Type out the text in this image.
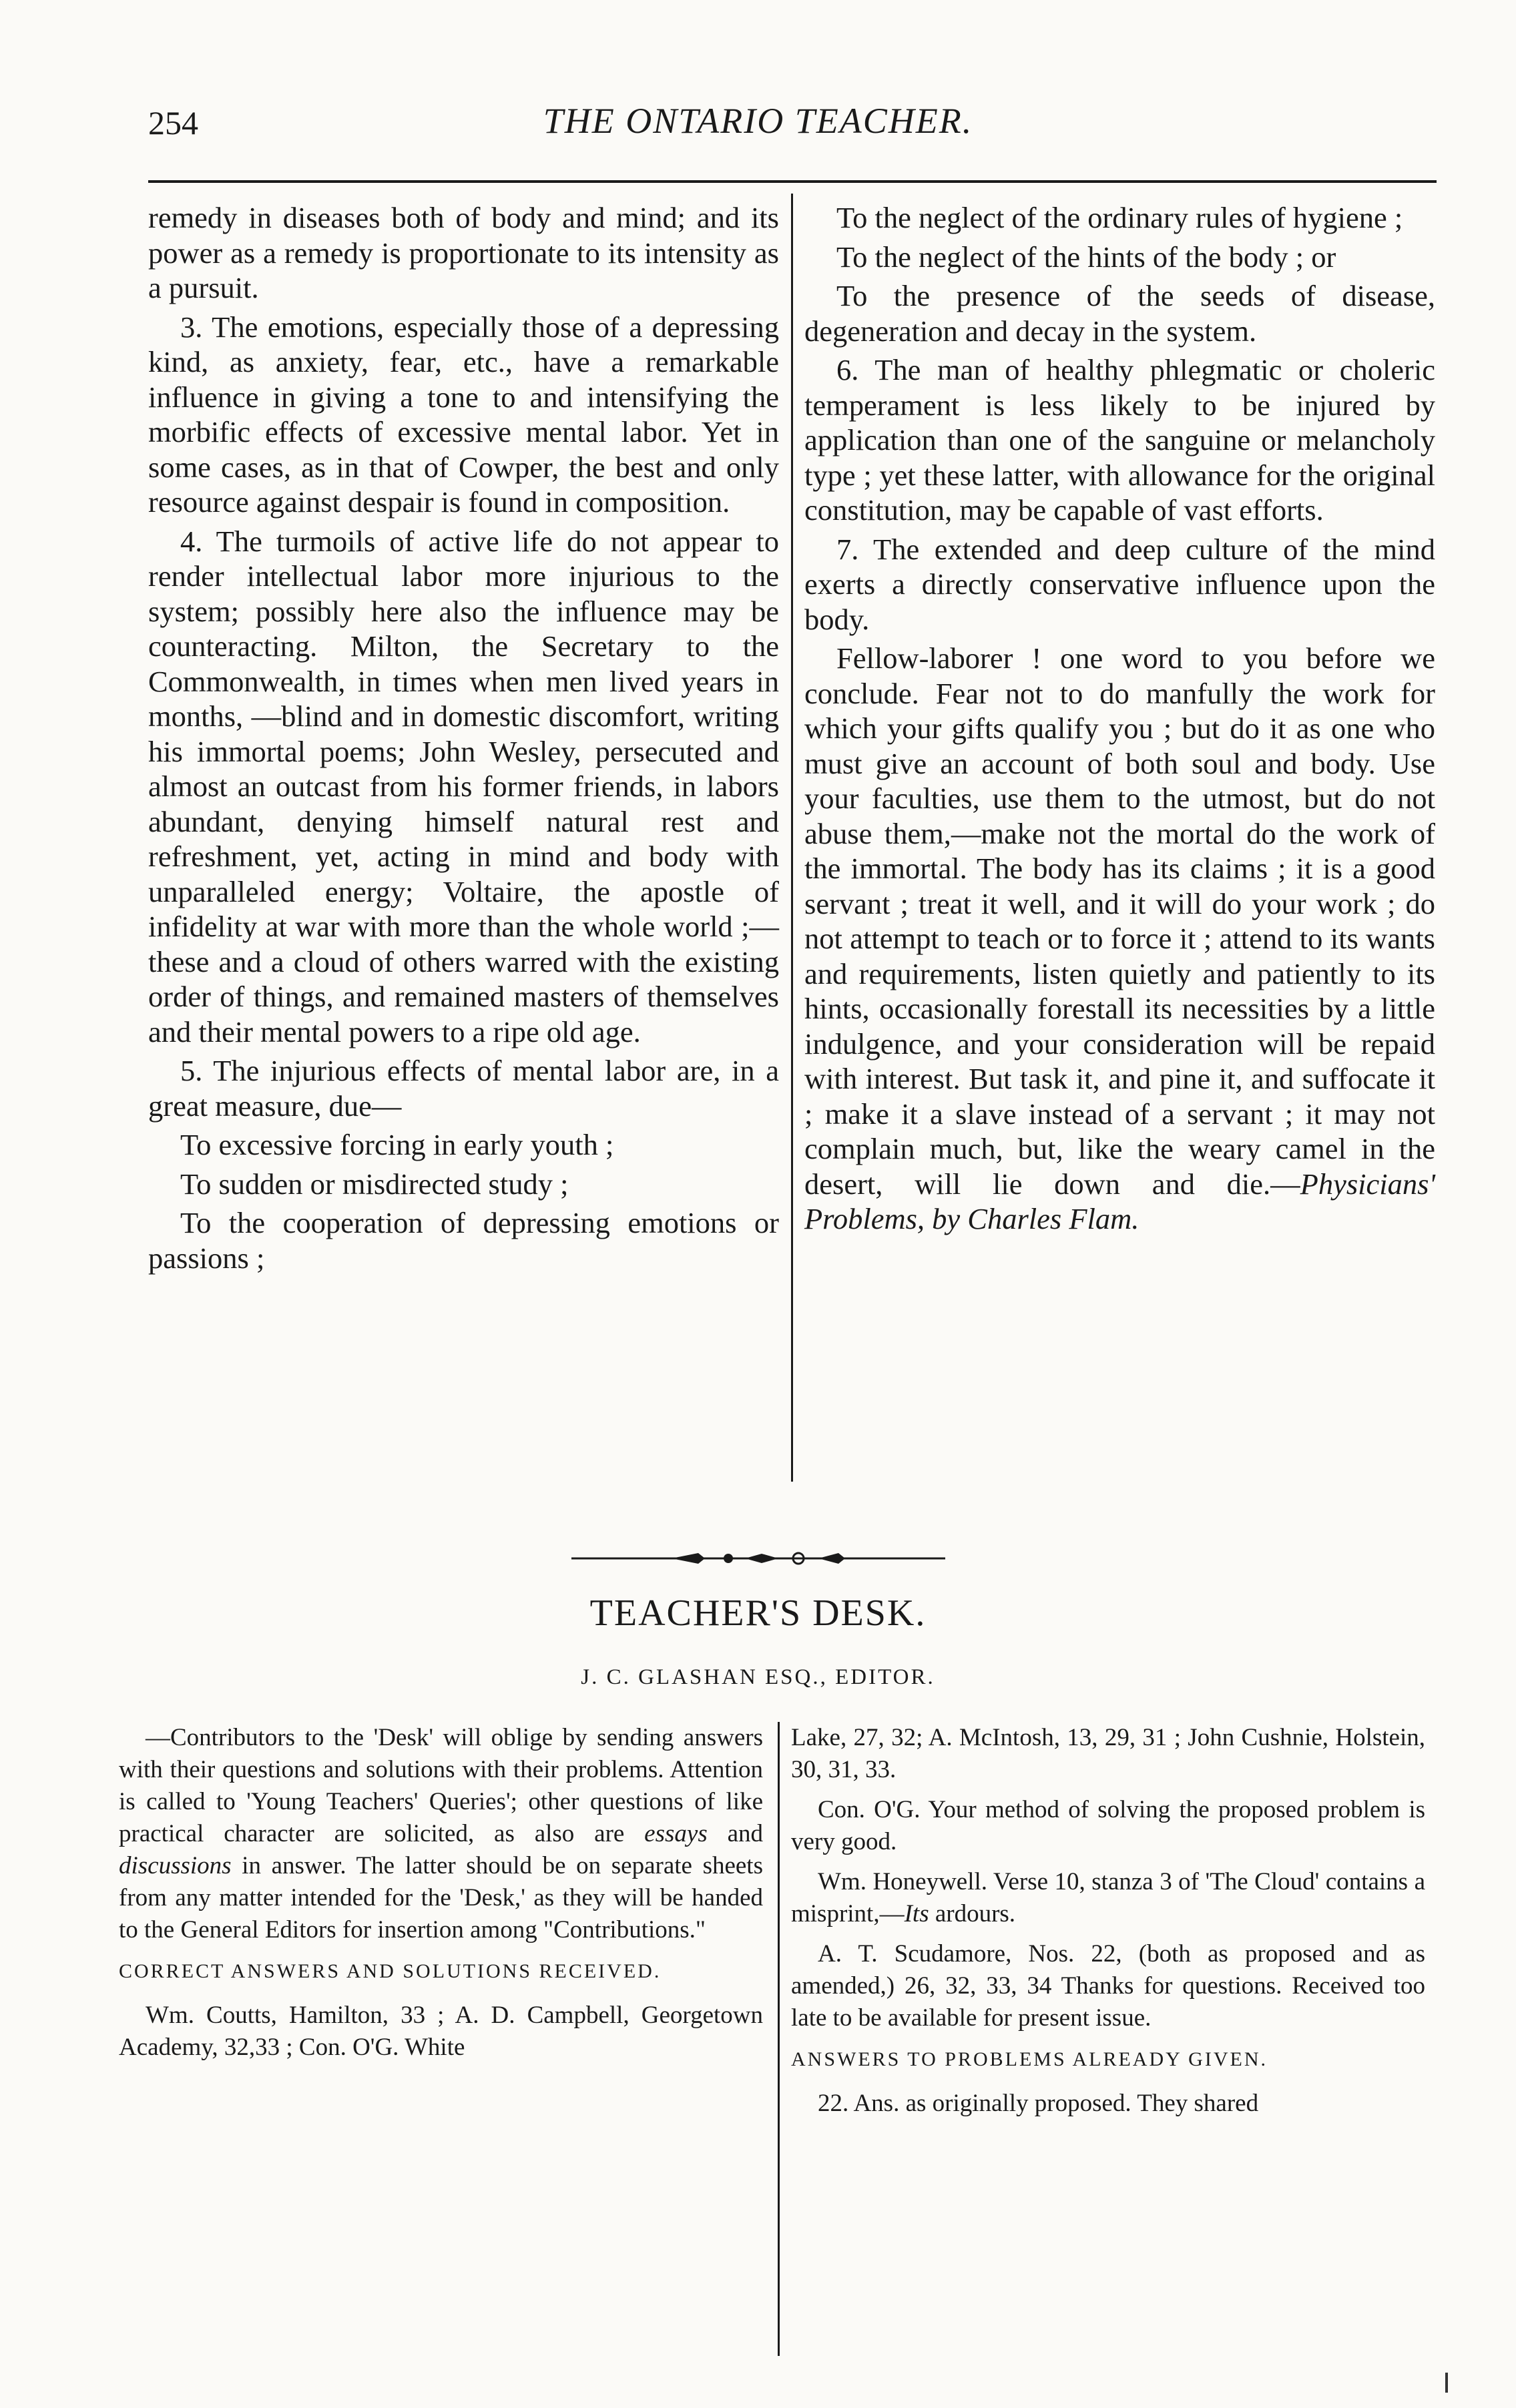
254	THE ONTARIO TEACHER.

remedy in diseases both of body and mind; and its power as a remedy is proportionate to its intensity as a pursuit.

3. The emotions, especially those of a depressing kind, as anxiety, fear, etc., have a remarkable influence in giving a tone to and intensifying the morbific effects of excessive mental labor. Yet in some cases, as in that of Cowper, the best and only resource against despair is found in composition.

4. The turmoils of active life do not appear to render intellectual labor more injurious to the system; possibly here also the influence may be counteracting. Milton, the Secretary to the Commonwealth, in times when men lived years in months, —blind and in domestic discomfort, writing his immortal poems; John Wesley, persecuted and almost an outcast from his former friends, in labors abundant, denying himself natural rest and refreshment, yet, acting in mind and body with unparalleled energy; Voltaire, the apostle of infidelity at war with more than the whole world ;— these and a cloud of others warred with the existing order of things, and remained masters of themselves and their mental powers to a ripe old age.

5. The injurious effects of mental labor are, in a great measure, due—

To excessive forcing in early youth ;

To sudden or misdirected study ;

To the cooperation of depressing emotions or passions ;

To the neglect of the ordinary rules of hygiene ;

To the neglect of the hints of the body ; or

To the presence of the seeds of disease, degeneration and decay in the system.

6. The man of healthy phlegmatic or choleric temperament is less likely to be injured by application than one of the sanguine or melancholy type ; yet these latter, with allowance for the original constitution, may be capable of vast efforts.

7. The extended and deep culture of the mind exerts a directly conservative influence upon the body.

Fellow-laborer ! one word to you before we conclude. Fear not to do manfully the work for which your gifts qualify you ; but do it as one who must give an account of both soul and body. Use your faculties, use them to the utmost, but do not abuse them,—make not the mortal do the work of the immortal. The body has its claims ; it is a good servant ; treat it well, and it will do your work ; do not attempt to teach or to force it ; attend to its wants and requirements, listen quietly and patiently to its hints, occasionally forestall its necessities by a little indulgence, and your consideration will be repaid with interest. But task it, and pine it, and suffocate it ; make it a slave instead of a servant ; it may not complain much, but, like the weary camel in the desert, will lie down and die.—Physicians' Problems, by Charles Flam.

TEACHER'S DESK.
J. C. GLASHAN ESQ., EDITOR.

—Contributors to the 'Desk' will oblige by sending answers with their questions and solutions with their problems. Attention is called to 'Young Teachers' Queries'; other questions of like practical character are solicited, as also are essays and discussions in answer. The latter should be on separate sheets from any matter intended for the 'Desk,' as they will be handed to the General Editors for insertion among "Contributions."

CORRECT ANSWERS AND SOLUTIONS RECEIVED.

Wm. Coutts, Hamilton, 33 ; A. D. Campbell, Georgetown Academy, 32,33 ; Con. O'G. White

Lake, 27, 32; A. McIntosh, 13, 29, 31 ; John Cushnie, Holstein, 30, 31, 33.

Con. O'G. Your method of solving the proposed problem is very good.

Wm. Honeywell. Verse 10, stanza 3 of 'The Cloud' contains a misprint,—Its ardours.

A. T. Scudamore, Nos. 22, (both as proposed and as amended,) 26, 32, 33, 34 Thanks for questions. Received too late to be available for present issue.

ANSWERS TO PROBLEMS ALREADY GIVEN.

22. Ans. as originally proposed. They shared
